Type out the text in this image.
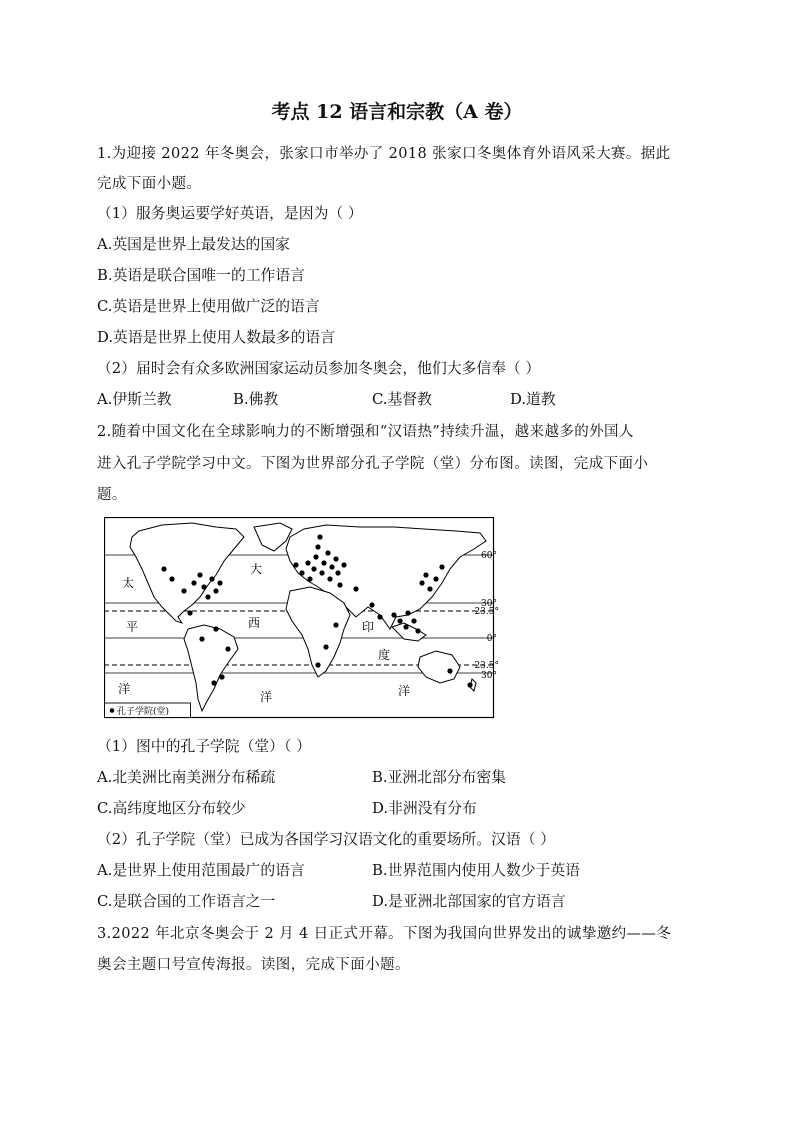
考点 12 语言和宗教（A 卷）
1.为迎接 2022 年冬奥会，张家口市举办了 2018 张家口冬奥体育外语风采大赛。据此
完成下面小题。
（1）服务奥运要学好英语，是因为（ ）
A.英国是世界上最发达的国家
B.英语是联合国唯一的工作语言
C.英语是世界上使用做广泛的语言
D.英语是世界上使用人数最多的语言
（2）届时会有众多欧洲国家运动员参加冬奥会，他们大多信奉（ ）
A.伊斯兰教	B.佛教	C.基督教	D.道教
2.随着中国文化在全球影响力的不断增强和“汉语热”持续升温，越来越多的外国人
进入孔子学院学习中文。下图为世界部分孔子学院（堂）分布图。读图，完成下面小
题。
太
平
洋
大
西
洋
印
度
洋
60°
30°
23.5°
0°
23.5°
30°
孔子学院(堂)
（1）图中的孔子学院（堂）（ ）
A.北美洲比南美洲分布稀疏	B.亚洲北部分布密集
C.高纬度地区分布较少	D.非洲没有分布
（2）孔子学院（堂）已成为各国学习汉语文化的重要场所。汉语（ ）
A.是世界上使用范围最广的语言	B.世界范围内使用人数少于英语
C.是联合国的工作语言之一	D.是亚洲北部国家的官方语言
3.2022 年北京冬奥会于 2 月 4 日正式开幕。下图为我国向世界发出的诚挚邀约——冬
奥会主题口号宣传海报。读图，完成下面小题。
